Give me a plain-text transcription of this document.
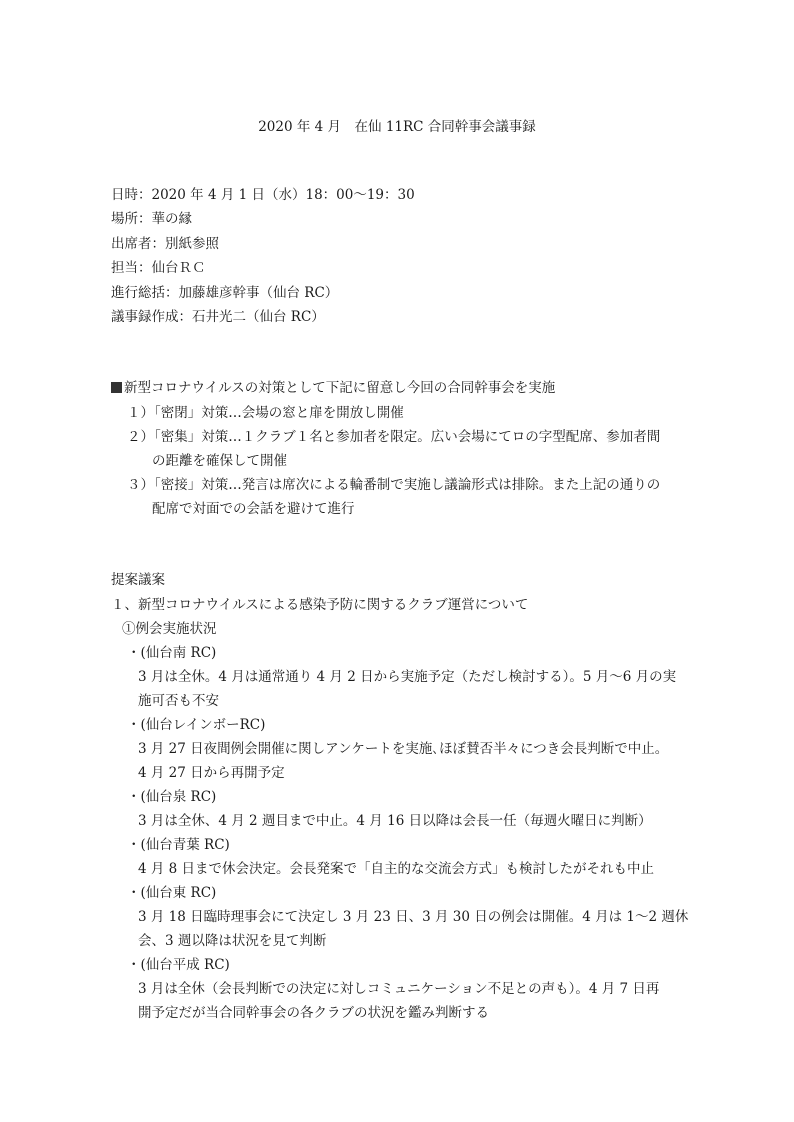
2020 年 4 月　在仙 11RC 合同幹事会議事録
日時：2020 年 4 月 1 日（水）18：00〜19：30
場所：華の縁
出席者：別紙参照
担当：仙台ＲＣ
進行総括：加藤雄彦幹事（仙台 RC）
議事録作成：石井光二（仙台 RC）
新型コロナウイルスの対策として下記に留意し今回の合同幹事会を実施
１）「密閉」対策…会場の窓と扉を開放し開催
２）「密集」対策…１クラブ１名と参加者を限定。広い会場にてロの字型配席、参加者間
の距離を確保して開催
３）「密接」対策…発言は席次による輪番制で実施し議論形式は排除。また上記の通りの
配席で対面での会話を避けて進行
提案議案
１、新型コロナウイルスによる感染予防に関するクラブ運営について
①例会実施状況
・(仙台南 RC)
3 月は全休。4 月は通常通り 4 月 2 日から実施予定（ただし検討する）。5 月〜6 月の実
施可否も不安
・(仙台レインボーRC)
3 月 27 日夜間例会開催に関しアンケートを実施､ほぼ賛否半々につき会長判断で中止。
4 月 27 日から再開予定
・(仙台泉 RC)
3 月は全休、4 月 2 週目まで中止。4 月 16 日以降は会長一任（毎週火曜日に判断）
・(仙台青葉 RC)
4 月 8 日まで休会決定。会長発案で「自主的な交流会方式」も検討したがそれも中止
・(仙台東 RC)
3 月 18 日臨時理事会にて決定し 3 月 23 日、3 月 30 日の例会は開催。4 月は 1〜2 週休
会、3 週以降は状況を見て判断
・(仙台平成 RC)
3 月は全休（会長判断での決定に対しコミュニケーション不足との声も）。4 月 7 日再
開予定だが当合同幹事会の各クラブの状況を鑑み判断する
